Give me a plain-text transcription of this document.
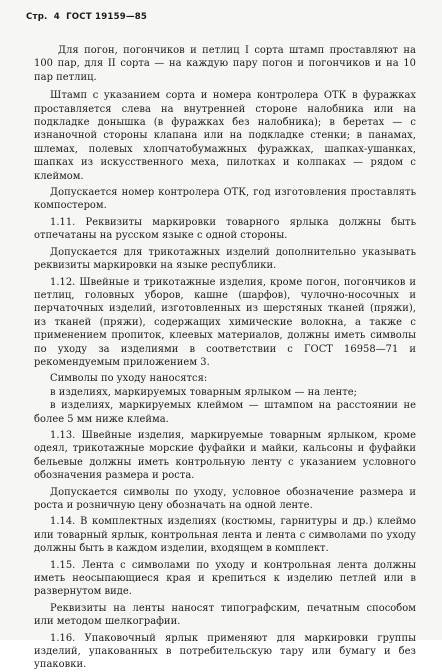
Стр. 4 ГОСТ 19159—85

Для погон, погончиков и петлиц I сорта штамп проставляют на 100 пар, для II сорта — на каждую пару погон и погончиков и на 10 пар петлиц.

Штамп с указанием сорта и номера контролера ОТК в фуражках проставляется слева на внутренней стороне налобника или на подкладке донышка (в фуражках без налобника); в беретах — с изнаночной стороны клапана или на подкладке стенки; в панамах, шлемах, полевых хлопчатобумажных фуражках, шапках-ушанках, шапках из искусственного меха, пилотках и колпаках — рядом с клеймом.

Допускается номер контролера ОТК, год изготовления проставлять компостером.

1.11. Реквизиты маркировки товарного ярлыка должны быть отпечатаны на русском языке с одной стороны.

Допускается для трикотажных изделий дополнительно указывать реквизиты маркировки на языке республики.

1.12. Швейные и трикотажные изделия, кроме погон, погончиков и петлиц, головных уборов, кашне (шарфов), чулочно-носочных и перчаточных изделий, изготовленных из шерстяных тканей (пряжи), из тканей (пряжи), содержащих химические волокна, а также с применением пропиток, клеевых материалов, должны иметь символы по уходу за изделиями в соответствии с ГОСТ 16958—71 и рекомендуемым приложением 3.

Символы по уходу наносятся:

в изделиях, маркируемых товарным ярлыком — на ленте;

в изделиях, маркируемых клеймом — штампом на расстоянии не более 5 мм ниже клейма.

1.13. Швейные изделия, маркируемые товарным ярлыком, кроме одеял, трикотажные морские фуфайки и майки, кальсоны и фуфайки бельевые должны иметь контрольную ленту с указанием условного обозначения размера и роста.

Допускается символы по уходу, условное обозначение размера и роста и розничную цену обозначать на одной ленте.

1.14. В комплектных изделиях (костюмы, гарнитуры и др.) клеймо или товарный ярлык, контрольная лента и лента с символами по уходу должны быть в каждом изделии, входящем в комплект.

1.15. Лента с символами по уходу и контрольная лента должны иметь неосыпающиеся края и крепиться к изделию петлей или в развернутом виде.

Реквизиты на ленты наносят типографским, печатным способом или методом шелкографии.

1.16. Упаковочный ярлык применяют для маркировки группы изделий, упакованных в потребительскую тару или бумагу и без упаковки.
